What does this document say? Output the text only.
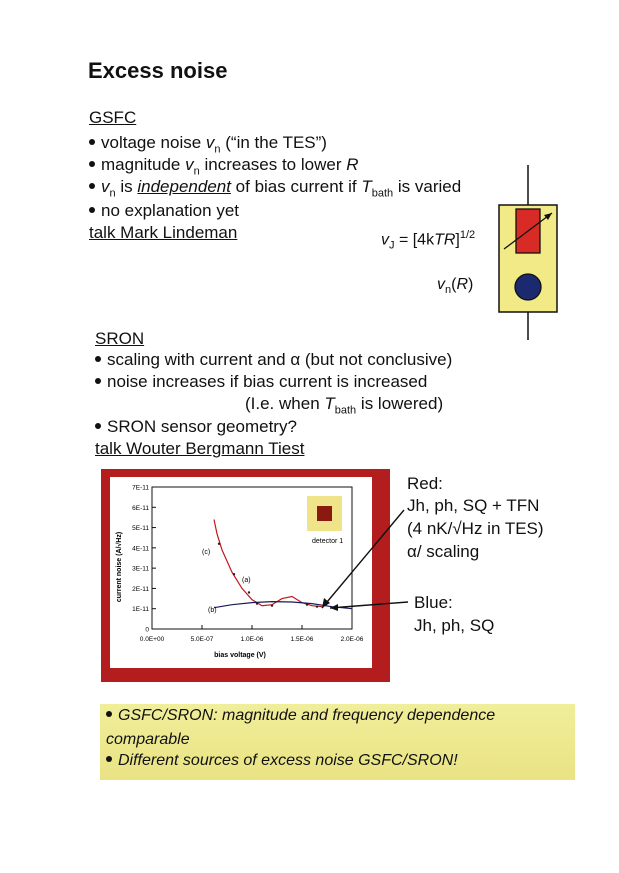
Excess noise
GSFC
voltage noise $v_n$ (“in the TES”)
magnitude $v_n$ increases to lower R
$v_n$ is independent of bias current if $T_{bath}$ is varied
no explanation yet
talk Mark Lindeman	$v_J = [4kTR]^{1/2}$
$v_n(R)$
SRON
scaling with current and α (but not conclusive)
noise increases if bias current is increased
(I.e. when $T_{bath}$ is lowered)
SRON sensor geometry?
talk Wouter Bergmann Tiest
0.0E+00	5.0E-07	1.0E-06	1.5E-06	2.0E-06
0
1E-11
2E-11
3E-11
4E-11
5E-11
6E-11
7E-11
detector 1
(a)
(b)
(c)
bias voltage (V)
current noise (A/√Hz)
Red:
Jh, ph, SQ + TFN
(4 nK/√Hz in TES)
α/ scaling
Blue:
Jh, ph, SQ
GSFC/SRON: magnitude and frequency dependence
comparable
Different sources of excess noise GSFC/SRON!
